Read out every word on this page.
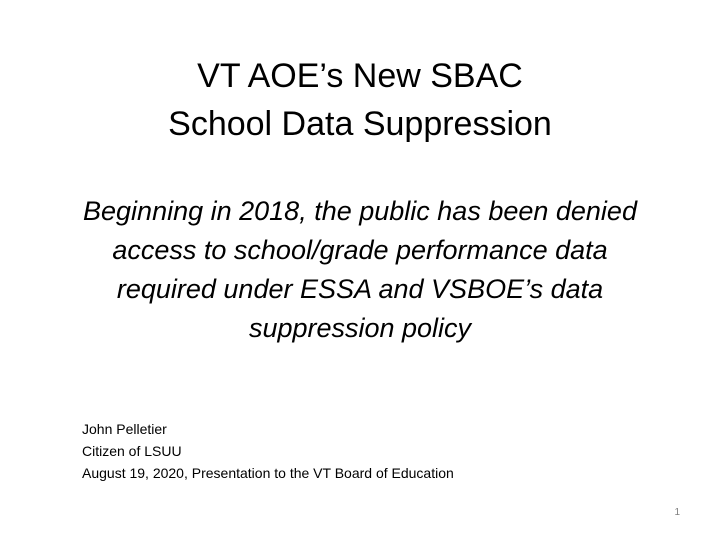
VT AOE’s New SBAC
School Data Suppression
Beginning in 2018, the public has been denied access to school/grade performance data required under ESSA and VSBOE’s data suppression policy
John Pelletier
Citizen of LSUU
August 19, 2020, Presentation to the VT Board of Education
1
